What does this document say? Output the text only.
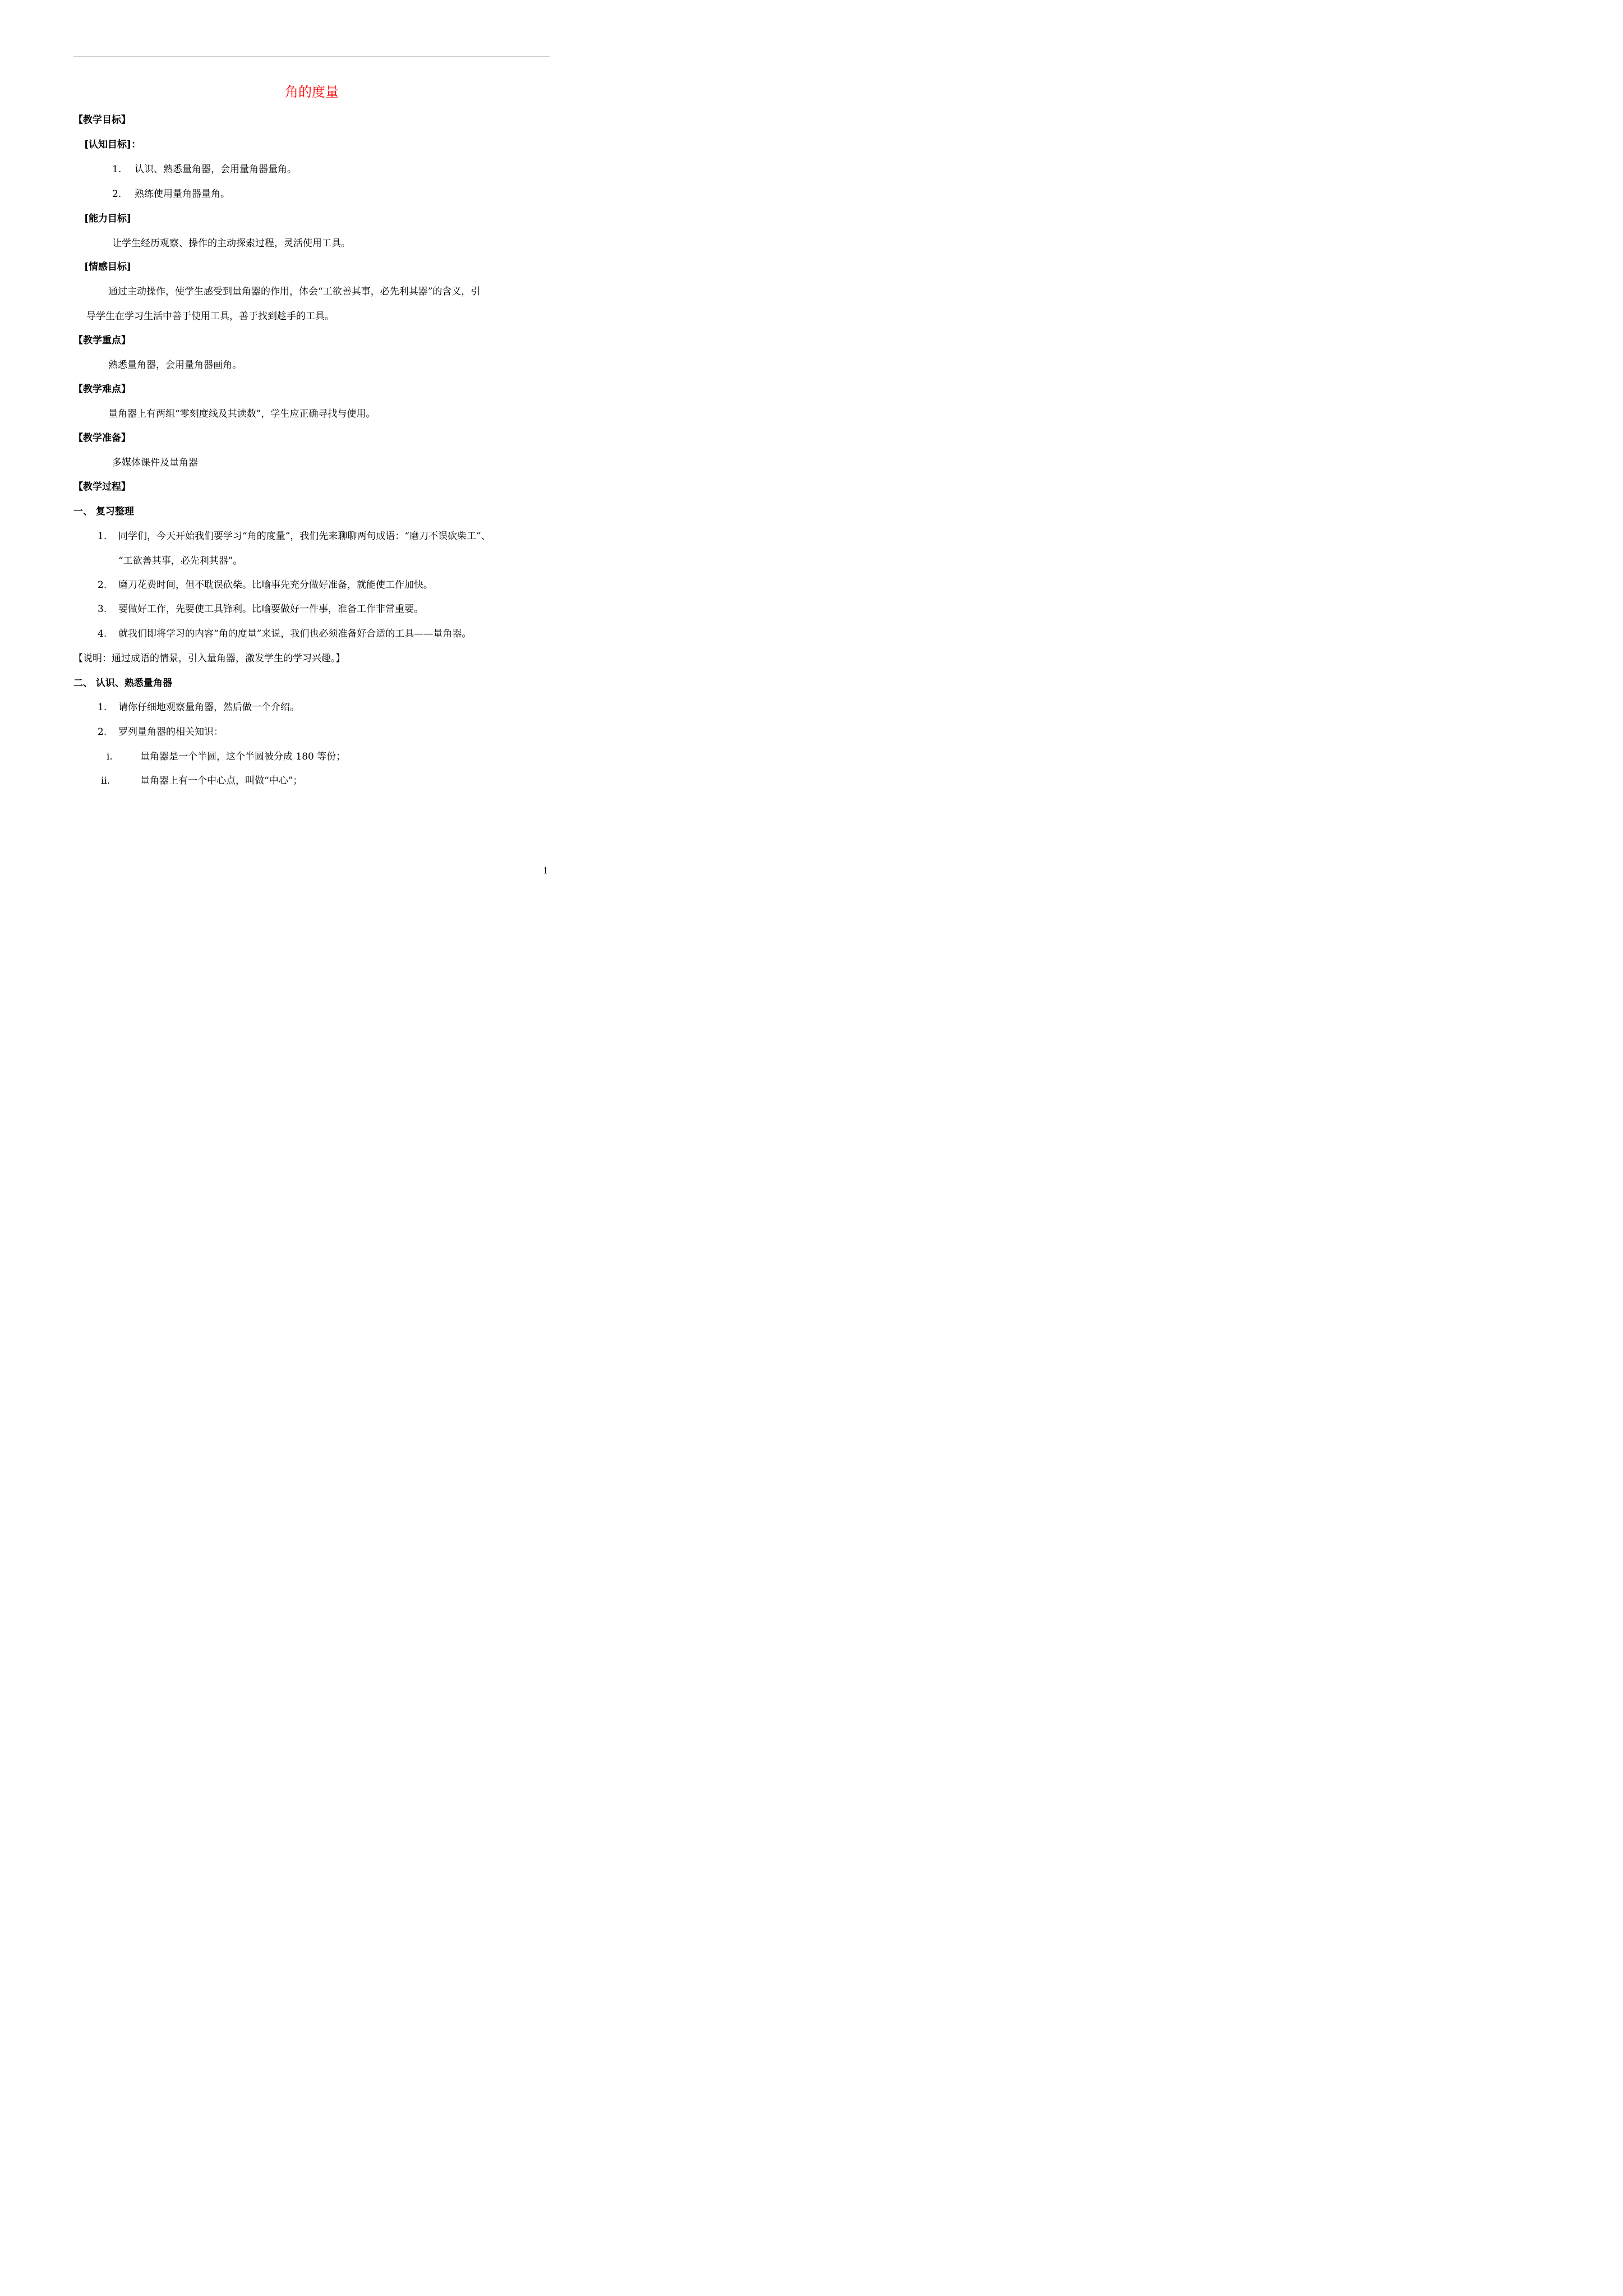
角的度量
【教学目标】
[认知目标]：
1. 认识、熟悉量角器，会用量角器量角。
2. 熟练使用量角器量角。
[能力目标]
让学生经历观察、操作的主动探索过程，灵活使用工具。
[情感目标]
通过主动操作，使学生感受到量角器的作用，体会“工欲善其事，必先利其器”的含义，引
导学生在学习生活中善于使用工具，善于找到趁手的工具。
【教学重点】
熟悉量角器，会用量角器画角。
【教学难点】
量角器上有两组“零刻度线及其读数”，学生应正确寻找与使用。
【教学准备】
多媒体课件及量角器
【教学过程】
一、 复习整理
1. 同学们，今天开始我们要学习“角的度量”，我们先来聊聊两句成语：“磨刀不误砍柴工”、
“工欲善其事，必先利其器”。
2. 磨刀花费时间，但不耽误砍柴。比喻事先充分做好准备，就能使工作加快。
3. 要做好工作，先要使工具锋利。比喻要做好一件事，准备工作非常重要。
4. 就我们即将学习的内容“角的度量”来说，我们也必须准备好合适的工具——量角器。
【说明：通过成语的情景，引入量角器，激发学生的学习兴趣。】
二、 认识、熟悉量角器
1. 请你仔细地观察量角器，然后做一个介绍。
2. 罗列量角器的相关知识：
i.	量角器是一个半圆，这个半圆被分成 180 等份；
ii.	量角器上有一个中心点，叫做“中心”；
1
